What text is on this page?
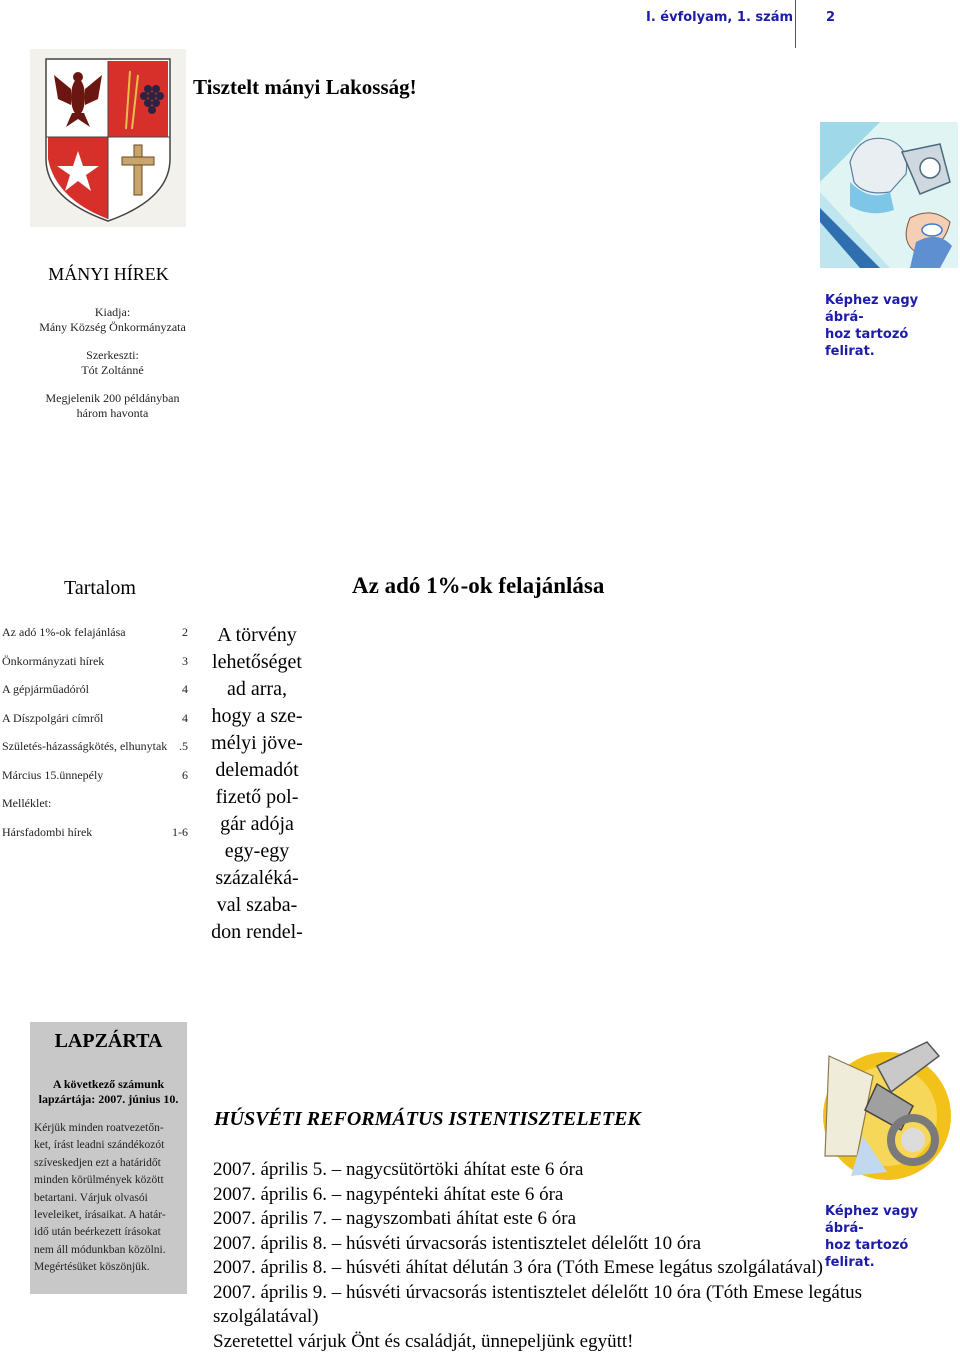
I. évfolyam, 1. szám	2
Tisztelt mányi Lakosság!
Képhez vagy ábrá-
hoz tartozó felirat.
MÁNYI HÍREK
Kiadja:
Mány Község Önkormányzata
Szerkeszti:
Tót Zoltánné
Megjelenik 200 példányban
három havonta
Tartalom
Az adó 1%-ok felajánlása	2
Önkormányzati hírek	3
A gépjárműadóról	4
A Díszpolgári címről	4
Születés-házasságkötés, elhunytak .5
Március 15.ünnepély	6
Melléklet:
Hársfadombi hírek	1-6
Az adó 1%-ok felajánlása

A törvény

lehetőséget

ad arra,

hogy a sze-

mélyi jöve-

delemadót

fizető pol-

gár adója

egy-egy

százaléká-

val szaba-

don rendel-

LAPZÁRTA
A következő számunk
lapzártája: 2007. június 10.
Kérjük minden roatvezetőn-
ket, írást leadni szándékozót
szíveskedjen ezt a határidőt
minden körülmények között
betartani. Várjuk olvasói
leveleiket, írásaikat. A határ-
idő után beérkezett írásokat
nem áll módunkban közölni.
Megértésüket köszönjük.
Képhez vagy ábrá-
hoz tartozó felirat.
HÚSVÉTI REFORMÁTUS ISTENTISZTELETEK
2007. április 5. – nagycsütörtöki áhítat este 6 óra
2007. április 6. – nagypénteki áhítat este 6 óra
2007. április 7. – nagyszombati áhítat este 6 óra
2007. április 8. – húsvéti úrvacsorás istentisztelet délelőtt 10 óra
2007. április 8. – húsvéti áhítat délután 3 óra (Tóth Emese legátus szolgálatával)
2007. április 9. – húsvéti úrvacsorás istentisztelet délelőtt 10 óra (Tóth Emese legátus
szolgálatával)
Szeretettel várjuk Önt és családját, ünnepeljünk együtt!
